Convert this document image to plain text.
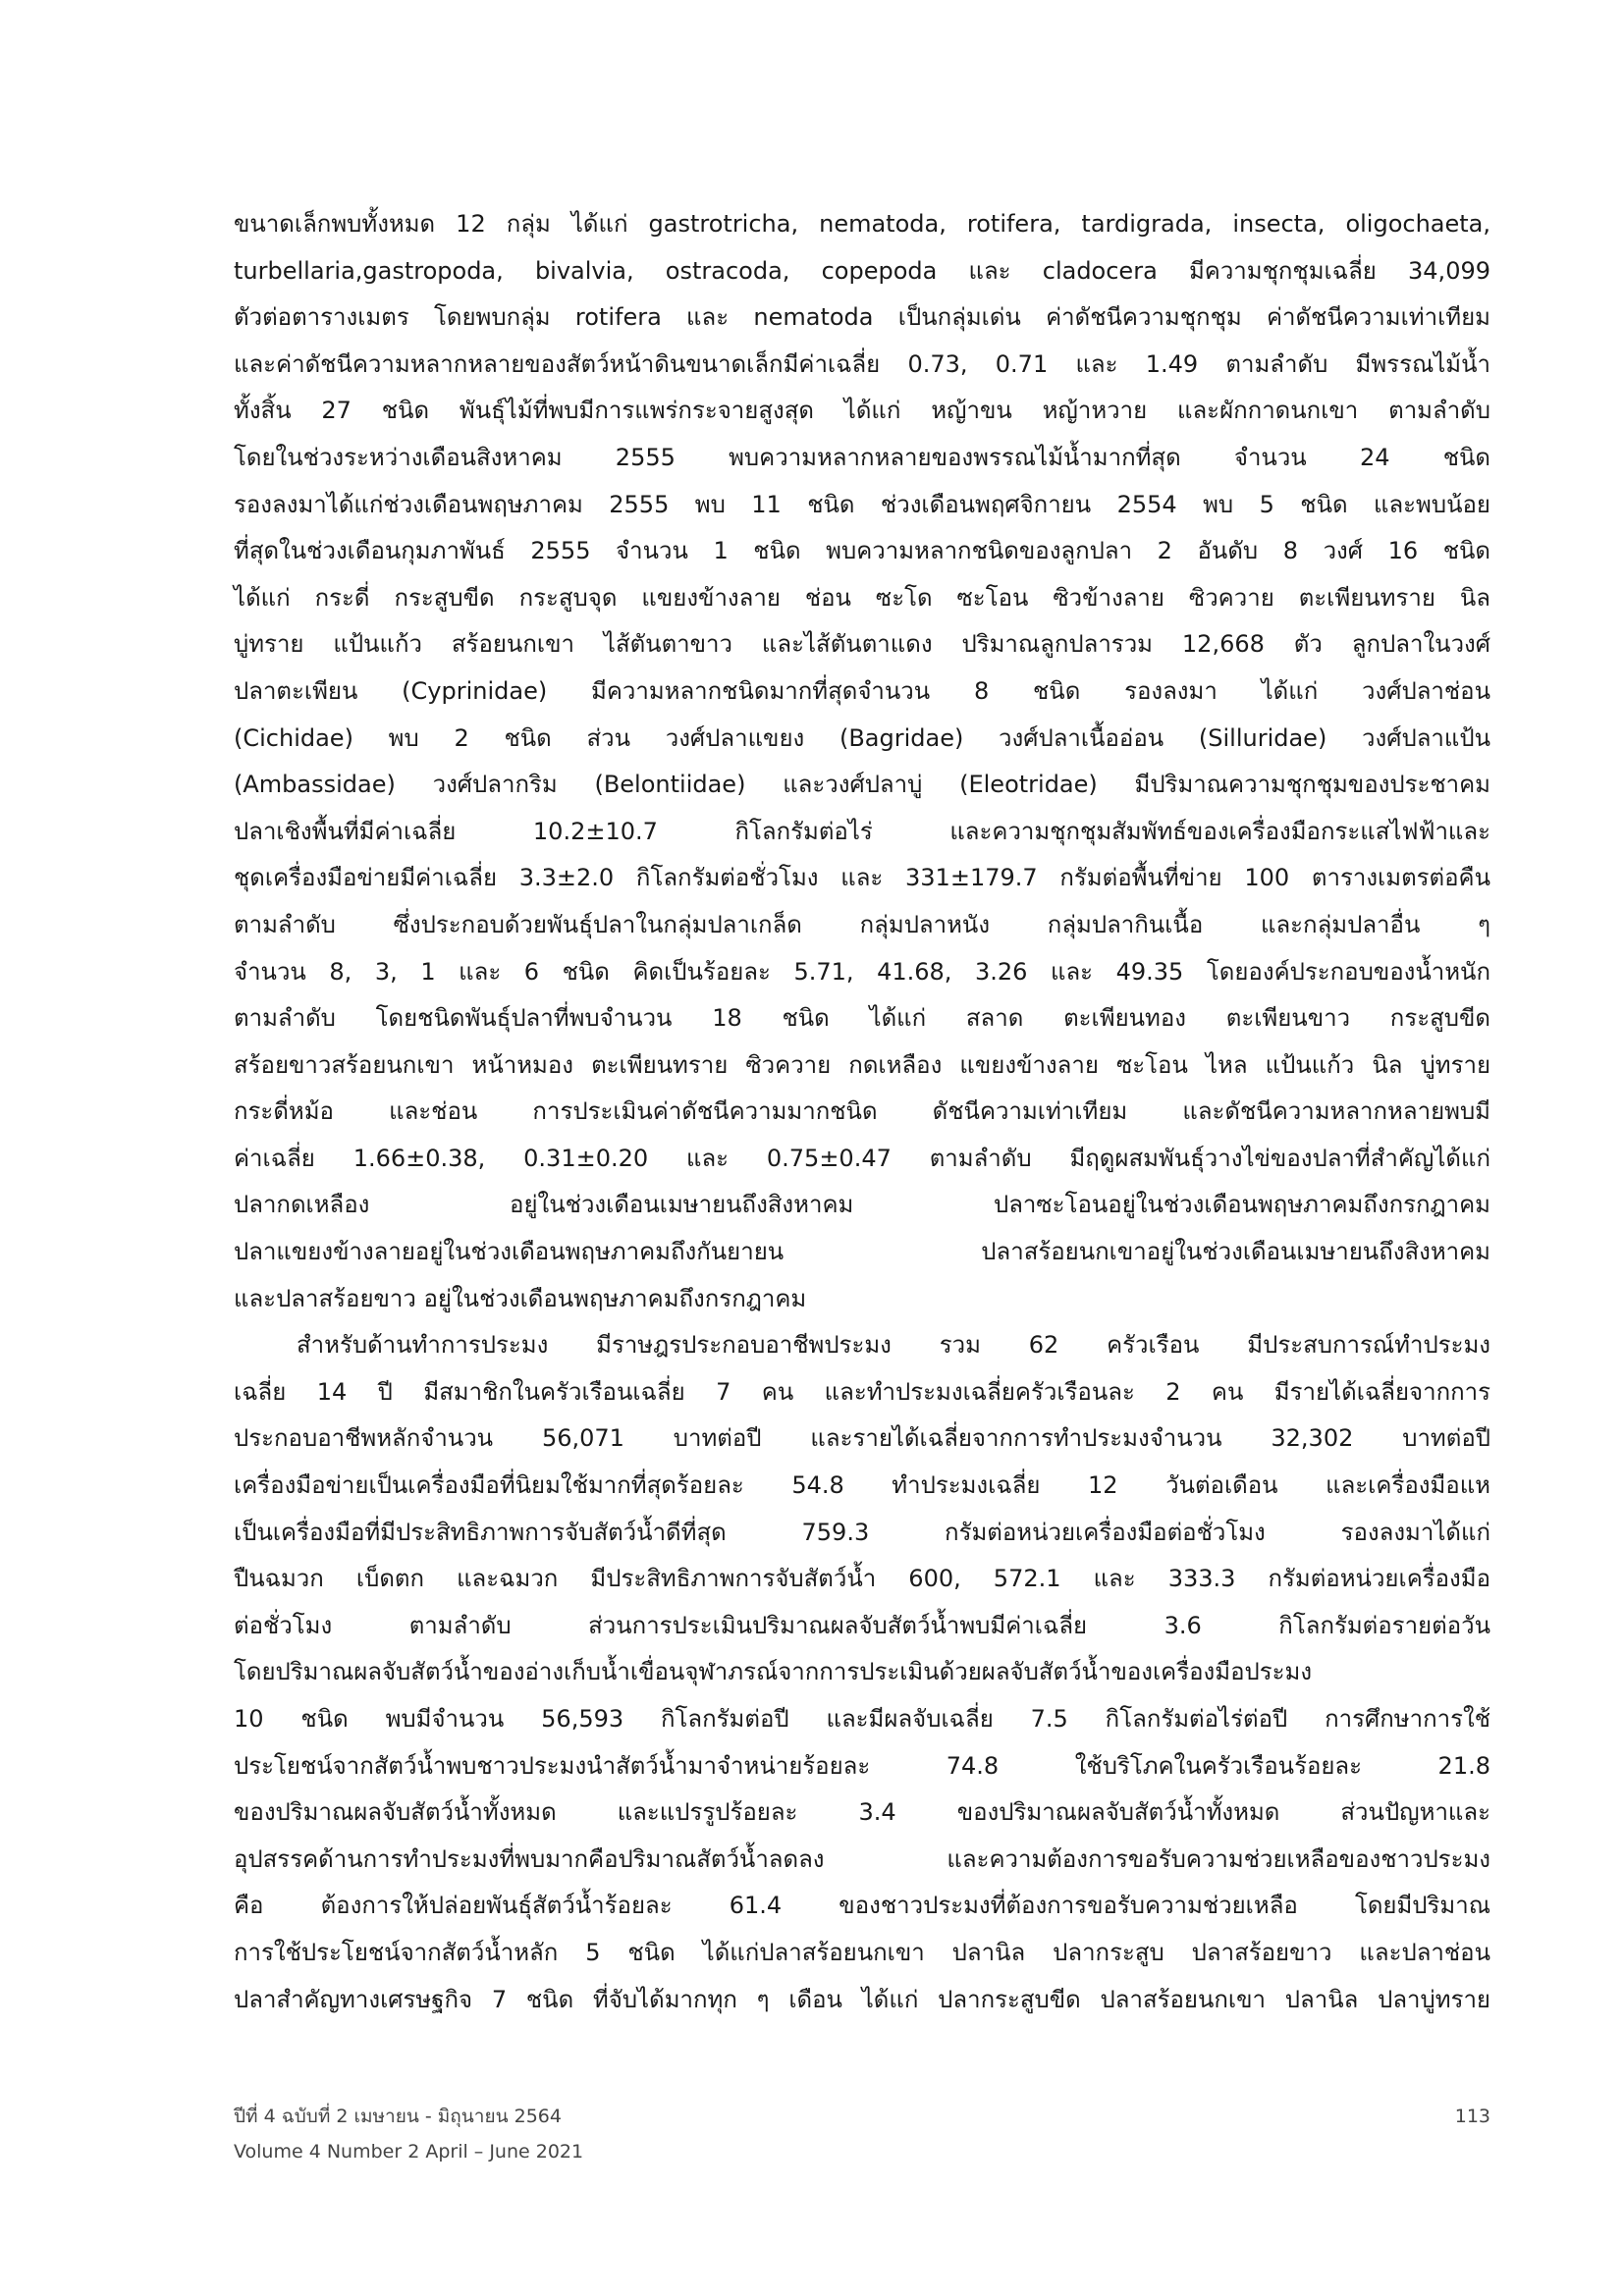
ขนาดเล็กพบทั้งหมด 12 กลุ่ม ได้แก่ gastrotricha, nematoda, rotifera, tardigrada, insecta, oligochaeta,

turbellaria,gastropoda, bivalvia, ostracoda, copepoda และ cladocera มีความชุกชุมเฉลี่ย 34,099

ตัวต่อตารางเมตร โดยพบกลุ่ม rotifera และ nematoda เป็นกลุ่มเด่น ค่าดัชนีความชุกชุม ค่าดัชนีความเท่าเทียม

และค่าดัชนีความหลากหลายของสัตว์หน้าดินขนาดเล็กมีค่าเฉลี่ย 0.73, 0.71 และ 1.49 ตามลำดับ มีพรรณไม้น้ำ

ทั้งสิ้น 27 ชนิด พันธุ์ไม้ที่พบมีการแพร่กระจายสูงสุด ได้แก่ หญ้าขน หญ้าหวาย และผักกาดนกเขา ตามลำดับ

โดยในช่วงระหว่างเดือนสิงหาคม 2555 พบความหลากหลายของพรรณไม้น้ำมากที่สุด จำนวน 24 ชนิด

รองลงมาได้แก่ช่วงเดือนพฤษภาคม 2555 พบ 11 ชนิด ช่วงเดือนพฤศจิกายน 2554 พบ 5 ชนิด และพบน้อย

ที่สุดในช่วงเดือนกุมภาพันธ์ 2555 จำนวน 1 ชนิด พบความหลากชนิดของลูกปลา 2 อันดับ 8 วงศ์ 16 ชนิด

ได้แก่ กระดี่ กระสูบขีด กระสูบจุด แขยงข้างลาย ช่อน ซะโด ซะโอน ซิวข้างลาย ซิวควาย ตะเพียนทราย นิล

บู่ทราย แป้นแก้ว สร้อยนกเขา ไส้ตันตาขาว และไส้ตันตาแดง ปริมาณลูกปลารวม 12,668 ตัว ลูกปลาในวงศ์

ปลาตะเพียน (Cyprinidae) มีความหลากชนิดมากที่สุดจำนวน 8 ชนิด รองลงมา ได้แก่ วงศ์ปลาช่อน

(Cichidae) พบ 2 ชนิด ส่วน วงศ์ปลาแขยง (Bagridae) วงศ์ปลาเนื้ออ่อน (Silluridae) วงศ์ปลาแป้น

(Ambassidae) วงศ์ปลากริม (Belontiidae) และวงศ์ปลาบู่ (Eleotridae) มีปริมาณความชุกชุมของประชาคม

ปลาเชิงพื้นที่มีค่าเฉลี่ย 10.2±10.7 กิโลกรัมต่อไร่ และความชุกชุมสัมพัทธ์ของเครื่องมือกระแสไฟฟ้าและ

ชุดเครื่องมือข่ายมีค่าเฉลี่ย 3.3±2.0 กิโลกรัมต่อชั่วโมง และ 331±179.7 กรัมต่อพื้นที่ข่าย 100 ตารางเมตรต่อคืน

ตามลำดับ ซึ่งประกอบด้วยพันธุ์ปลาในกลุ่มปลาเกล็ด กลุ่มปลาหนัง กลุ่มปลากินเนื้อ และกลุ่มปลาอื่น ๆ

จำนวน 8, 3, 1 และ 6 ชนิด คิดเป็นร้อยละ 5.71, 41.68, 3.26 และ 49.35 โดยองค์ประกอบของน้ำหนัก

ตามลำดับ โดยชนิดพันธุ์ปลาที่พบจำนวน 18 ชนิด ได้แก่ สลาด ตะเพียนทอง ตะเพียนขาว กระสูบขีด

สร้อยขาวสร้อยนกเขา หน้าหมอง ตะเพียนทราย ซิวควาย กดเหลือง แขยงข้างลาย ซะโอน ไหล แป้นแก้ว นิล บู่ทราย

กระดี่หม้อ และช่อน การประเมินค่าดัชนีความมากชนิด ดัชนีความเท่าเทียม และดัชนีความหลากหลายพบมี

ค่าเฉลี่ย 1.66±0.38, 0.31±0.20 และ 0.75±0.47 ตามลำดับ มีฤดูผสมพันธุ์วางไข่ของปลาที่สำคัญได้แก่

ปลากดเหลือง อยู่ในช่วงเดือนเมษายนถึงสิงหาคม ปลาซะโอนอยู่ในช่วงเดือนพฤษภาคมถึงกรกฎาคม

ปลาแขยงข้างลายอยู่ในช่วงเดือนพฤษภาคมถึงกันยายน ปลาสร้อยนกเขาอยู่ในช่วงเดือนเมษายนถึงสิงหาคม

และปลาสร้อยขาว อยู่ในช่วงเดือนพฤษภาคมถึงกรกฎาคม

สำหรับด้านทำการประมง มีราษฎรประกอบอาชีพประมง รวม 62 ครัวเรือน มีประสบการณ์ทำประมง

เฉลี่ย 14 ปี มีสมาชิกในครัวเรือนเฉลี่ย 7 คน และทำประมงเฉลี่ยครัวเรือนละ 2 คน มีรายได้เฉลี่ยจากการ

ประกอบอาชีพหลักจำนวน 56,071 บาทต่อปี และรายได้เฉลี่ยจากการทำประมงจำนวน 32,302 บาทต่อปี

เครื่องมือข่ายเป็นเครื่องมือที่นิยมใช้มากที่สุดร้อยละ 54.8 ทำประมงเฉลี่ย 12 วันต่อเดือน และเครื่องมือแห

เป็นเครื่องมือที่มีประสิทธิภาพการจับสัตว์น้ำดีที่สุด 759.3 กรัมต่อหน่วยเครื่องมือต่อชั่วโมง รองลงมาได้แก่

ปืนฉมวก เบ็ดตก และฉมวก มีประสิทธิภาพการจับสัตว์น้ำ 600, 572.1 และ 333.3 กรัมต่อหน่วยเครื่องมือ

ต่อชั่วโมง ตามลำดับ ส่วนการประเมินปริมาณผลจับสัตว์น้ำพบมีค่าเฉลี่ย 3.6 กิโลกรัมต่อรายต่อวัน

โดยปริมาณผลจับสัตว์น้ำของอ่างเก็บน้ำเขื่อนจุฬาภรณ์จากการประเมินด้วยผลจับสัตว์น้ำของเครื่องมือประมง

10 ชนิด พบมีจำนวน 56,593 กิโลกรัมต่อปี และมีผลจับเฉลี่ย 7.5 กิโลกรัมต่อไร่ต่อปี การศึกษาการใช้

ประโยชน์จากสัตว์น้ำพบชาวประมงนำสัตว์น้ำมาจำหน่ายร้อยละ 74.8 ใช้บริโภคในครัวเรือนร้อยละ 21.8

ของปริมาณผลจับสัตว์น้ำทั้งหมด และแปรรูปร้อยละ 3.4 ของปริมาณผลจับสัตว์น้ำทั้งหมด ส่วนปัญหาและ

อุปสรรคด้านการทำประมงที่พบมากคือปริมาณสัตว์น้ำลดลง และความต้องการขอรับความช่วยเหลือของชาวประมง

คือ ต้องการให้ปล่อยพันธุ์สัตว์น้ำร้อยละ 61.4 ของชาวประมงที่ต้องการขอรับความช่วยเหลือ โดยมีปริมาณ

การใช้ประโยชน์จากสัตว์น้ำหลัก 5 ชนิด ได้แก่ปลาสร้อยนกเขา ปลานิล ปลากระสูบ ปลาสร้อยขาว และปลาช่อน

ปลาสำคัญทางเศรษฐกิจ 7 ชนิด ที่จับได้มากทุก ๆ เดือน ได้แก่ ปลากระสูบขีด ปลาสร้อยนกเขา ปลานิล ปลาบู่ทราย

ปีที่ 4 ฉบับที่ 2 เมษายน - มิถุนายน 2564
Volume 4 Number 2 April – June 2021
113
